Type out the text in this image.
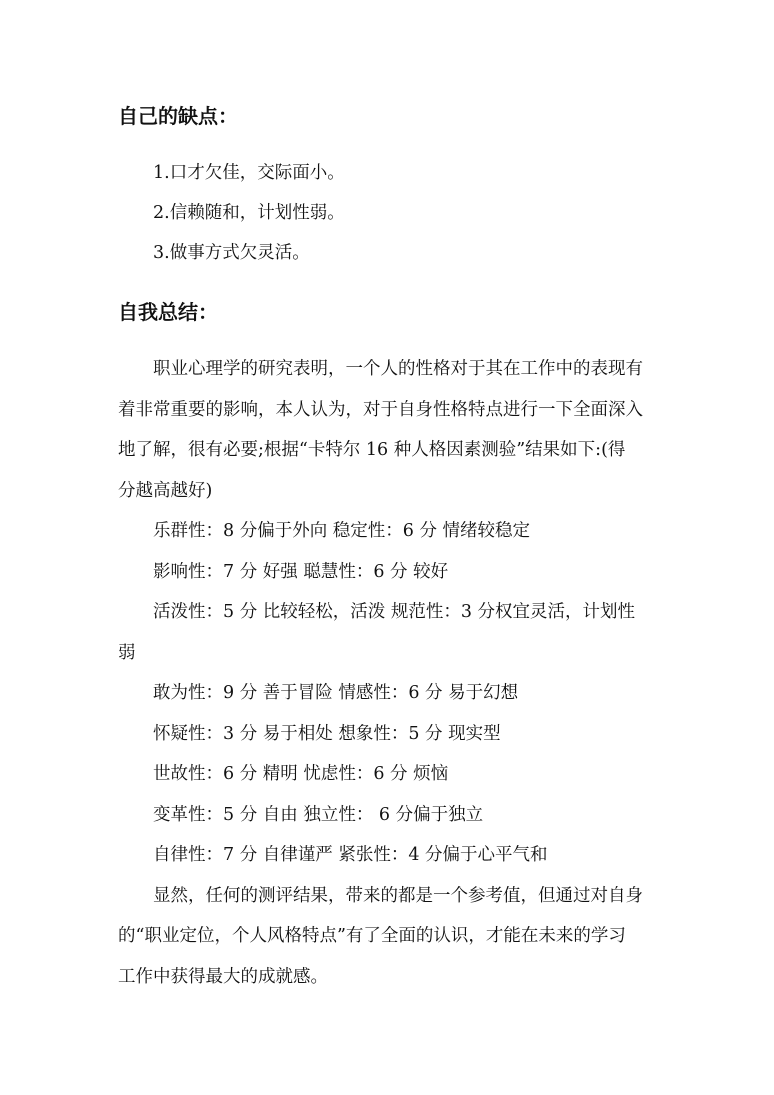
自己的缺点：

1.口才欠佳，交际面小。

2.信赖随和，计划性弱。

3.做事方式欠灵活。

自我总结：

职业心理学的研究表明，一个人的性格对于其在工作中的表现有

着非常重要的影响，本人认为，对于自身性格特点进行一下全面深入

地了解，很有必要;根据“卡特尔 16 种人格因素测验”结果如下:(得

分越高越好)

乐群性：8 分偏于外向 稳定性：6 分 情绪较稳定

影响性：7 分 好强 聪慧性：6 分 较好

活泼性：5 分 比较轻松，活泼 规范性：3 分权宜灵活，计划性

弱

敢为性：9 分 善于冒险 情感性：6 分 易于幻想

怀疑性：3 分 易于相处 想象性：5 分 现实型

世故性：6 分 精明 忧虑性：6 分 烦恼

变革性：5 分 自由 独立性： 6 分偏于独立

自律性：7 分 自律谨严 紧张性：4 分偏于心平气和

显然，任何的测评结果，带来的都是一个参考值，但通过对自身

的“职业定位，个人风格特点”有了全面的认识，才能在未来的学习

工作中获得最大的成就感。
